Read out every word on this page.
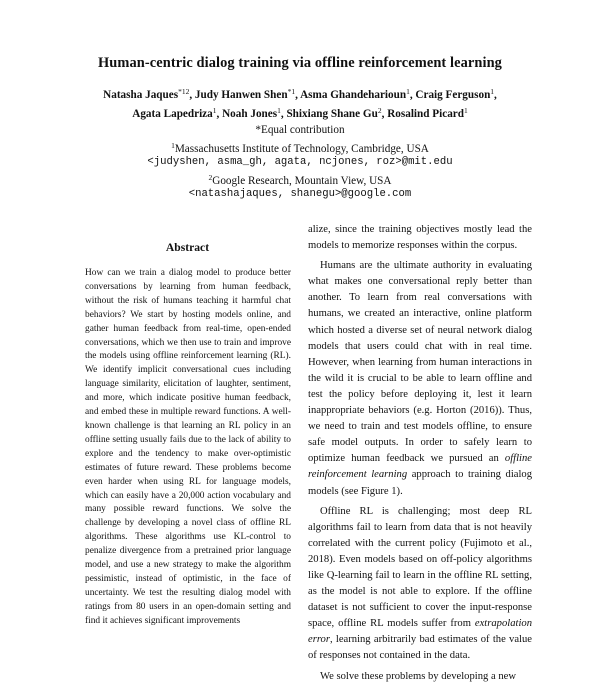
Human-centric dialog training via offline reinforcement learning
Natasha Jaques$^{*12}$, Judy Hanwen Shen$^{*1}$, Asma Ghandeharioun$^1$, Craig Ferguson$^1$,
Agata Lapedriza$^1$, Noah Jones$^1$, Shixiang Shane Gu$^2$, Rosalind Picard$^1$
*Equal contribution
$^1$Massachusetts Institute of Technology, Cambridge, USA
<judyshen, asma_gh, agata, ncjones, roz>@mit.edu
$^2$Google Research, Mountain View, USA
<natashajaques, shanegu>@google.com
Abstract
How can we train a dialog model to produce better conversations by learning from human feedback, without the risk of humans teaching it harmful chat behaviors? We start by hosting models online, and gather human feedback from real-time, open-ended conversations, which we then use to train and improve the models using offline reinforcement learning (RL). We identify implicit conversational cues including language similarity, elicitation of laughter, sentiment, and more, which indicate positive human feedback, and embed these in multiple reward functions. A well-known challenge is that learning an RL policy in an offline setting usually fails due to the lack of ability to explore and the tendency to make over-optimistic estimates of future reward. These problems become even harder when using RL for language models, which can easily have a 20,000 action vocabulary and many possible reward functions. We solve the challenge by developing a novel class of offline RL algorithms. These algorithms use KL-control to penalize divergence from a pretrained prior language model, and use a new strategy to make the algorithm pessimistic, instead of optimistic, in the face of uncertainty. We test the resulting dialog model with ratings from 80 users in an open-domain setting and find it achieves significant improvements

alize, since the training objectives mostly lead the models to memorize responses within the corpus.

Humans are the ultimate authority in evaluating what makes one conversational reply better than another. To learn from real conversations with humans, we created an interactive, online platform which hosted a diverse set of neural network dialog models that users could chat with in real time. However, when learning from human interactions in the wild it is crucial to be able to learn offline and test the policy before deploying it, lest it learn inappropriate behaviors (e.g. Horton (2016)). Thus, we need to train and test models offline, to ensure safe model outputs. In order to safely learn to optimize human feedback we pursued an offline reinforcement learning approach to training dialog models (see Figure 1).

Offline RL is challenging; most deep RL algorithms fail to learn from data that is not heavily correlated with the current policy (Fujimoto et al., 2018). Even models based on off-policy algorithms like Q-learning fail to learn in the offline RL setting, as the model is not able to explore. If the offline dataset is not sufficient to cover the input-response space, offline RL models suffer from extrapolation error, learning arbitrarily bad estimates of the value of responses not contained in the data.

We solve these problems by developing a new
